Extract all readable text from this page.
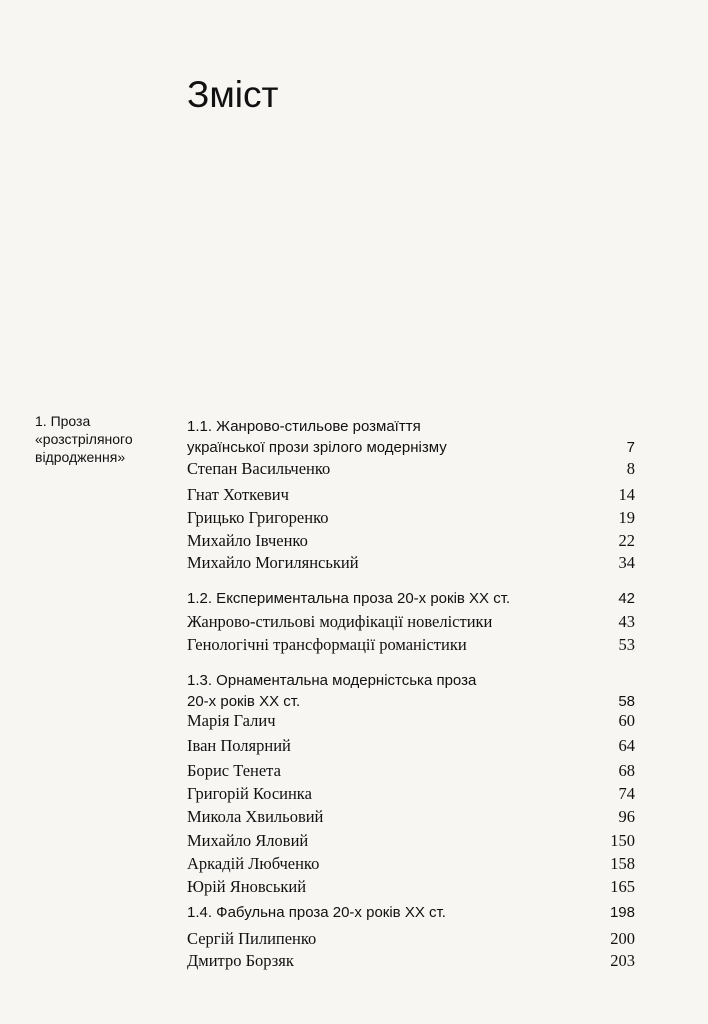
Зміст
1. Проза
«розстріляного
відродження»
1.1. Жанрово-стильове розмаїття
української прози зрілого модернізму	7
Степан Васильченко	8
Гнат Хоткевич	14
Грицько Григоренко	19
Михайло Івченко	22
Михайло Могилянський	34
1.2. Експериментальна проза 20-х років XX ст.	42
Жанрово-стильові модифікації новелістики	43
Генологічні трансформації романістики	53
1.3. Орнаментальна модерністська проза
20-х років XX ст.	58
Марія Галич	60
Іван Полярний	64
Борис Тенета	68
Григорій Косинка	74
Микола Хвильовий	96
Михайло Яловий	150
Аркадій Любченко	158
Юрій Яновський	165
1.4. Фабульна проза 20-х років XX ст.	198
Сергій Пилипенко	200
Дмитро Борзяк	203
